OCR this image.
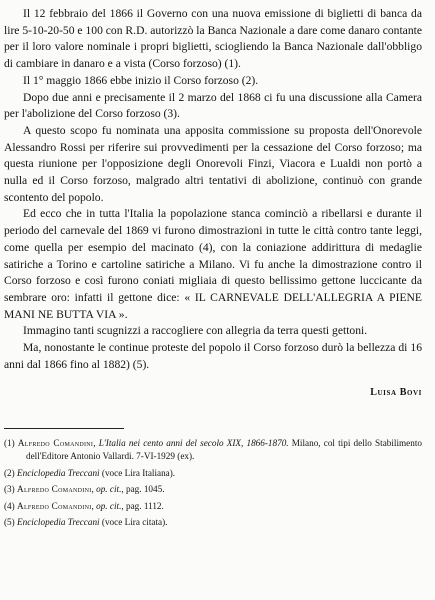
Il 12 febbraio del 1866 il Governo con una nuova emissione di biglietti di banca da lire 5-10-20-50 e 100 con R.D. autorizzò la Banca Nazionale a dare come danaro contante per il loro valore nominale i propri biglietti, sciogliendo la Banca Nazionale dall'obbligo di cambiare in danaro e a vista (Corso forzoso) (1).

Il 1° maggio 1866 ebbe inizio il Corso forzoso (2).

Dopo due anni e precisamente il 2 marzo del 1868 ci fu una discussione alla Camera per l'abolizione del Corso forzoso (3).

A questo scopo fu nominata una apposita commissione su proposta dell'Onorevole Alessandro Rossi per riferire sui provvedimenti per la cessazione del Corso forzoso; ma questa riunione per l'opposizione degli Onorevoli Finzi, Viacora e Lualdi non portò a nulla ed il Corso forzoso, malgrado altri tentativi di abolizione, continuò con grande scontento del popolo.

Ed ecco che in tutta l'Italia la popolazione stanca cominciò a ribellarsi e durante il periodo del carnevale del 1869 vi furono dimostrazioni in tutte le città contro tante leggi, come quella per esempio del macinato (4), con la coniazione addirittura di medaglie satiriche a Torino e cartoline satiriche a Milano. Vi fu anche la dimostrazione contro il Corso forzoso e così furono coniati migliaia di questo bellissimo gettone luccicante da sembrare oro: infatti il gettone dice: « IL CARNEVALE DELL'ALLEGRIA A PIENE MANI NE BUTTA VIA ».

Immagino tanti scugnizzi a raccogliere con allegria da terra questi gettoni.

Ma, nonostante le continue proteste del popolo il Corso forzoso durò la bellezza di 16 anni dal 1866 fino al 1882) (5).

Luisa Bovi

(1) Alfredo Comandini, L'Italia nei cento anni del secolo XIX, 1866-1870. Milano, col tipi dello Stabilimento dell'Editore Antonio Vallardi. 7-VI-1929 (ex).

(2) Enciclopedia Treccani (voce Lira Italiana).

(3) Alfredo Comandini, op. cit., pag. 1045.

(4) Alfredo Comandini, op. cit., pag. 1112.

(5) Enciclopedia Treccani (voce Lira citata).
